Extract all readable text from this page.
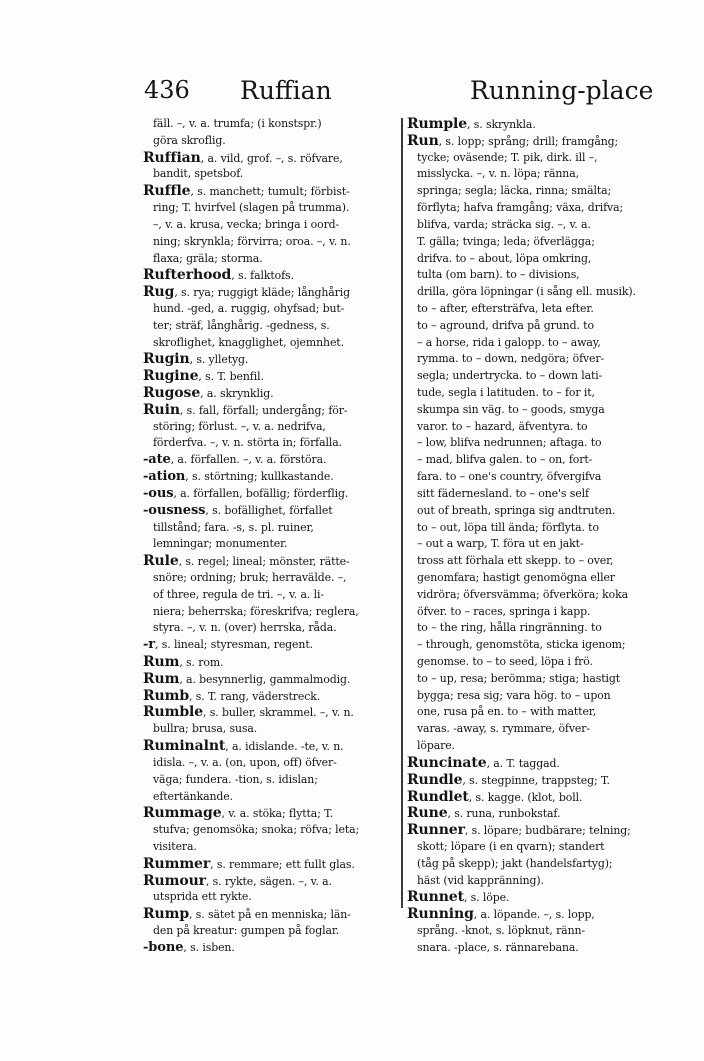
436 Ruffian	Running-place
fäll. –, v. a. trumfa; (i konstspr.)
göra skroflig.
Ruffian, a. vild, grof. –, s. röfvare,
bandit, spetsbof.
Ruffle, s. manchett; tumult; förbist-
ring; T. hvirfvel (slagen på trumma).
–, v. a. krusa, vecka; bringa i oord-
ning; skrynkla; förvirra; oroa. –, v. n.
flaxa; gräla; storma.
Rufterhood, s. falktofs.
Rug, s. rya; ruggigt kläde; långhårig
hund. -ged, a. ruggig, ohyfsad; but-
ter; sträf, långhårig. -gedness, s.
skroflighet, knagglighet, ojemnhet.
Rugin, s. ylletyg.
Rugine, s. T. benfil.
Rugose, a. skrynklig.
Ruin, s. fall, förfall; undergång; för-
störing; förlust. –, v. a. nedrifva,
förderfva. –, v. n. störta in; förfalla.
-ate, a. förfallen. –, v. a. förstöra.
-ation, s. störtning; kullkastande.
-ous, a. förfallen, bofällig; förderflig.
-ousness, s. bofällighet, förfallet
tillstånd; fara. -s, s. pl. ruiner,
lemningar; monumenter.
Rule, s. regel; lineal; mönster, rätte-
snöre; ordning; bruk; herravälde. –,
of three, regula de tri. –, v. a. li-
niera; beherrska; föreskrifva; reglera,
styra. –, v. n. (over) herrska, råda.
-r, s. lineal; styresman, regent.
Rum, s. rom.
Rum, a. besynnerlig, gammalmodig.
Rumb, s. T. rang, väderstreck.
Rumble, s. buller, skrammel. –, v. n.
bullra; brusa, susa.
Ruminalnt, a. idislande. -te, v. n.
idisla. –, v. a. (on, upon, off) öfver-
väga; fundera. -tion, s. idislan;
eftertänkande.
Rummage, v. a. stöka; flytta; T.
stufva; genomsöka; snoka; röfva; leta;
visitera.
Rummer, s. remmare; ett fullt glas.
Rumour, s. rykte, sägen. –, v. a.
utsprida ett rykte.
Rump, s. sätet på en menniska; län-
den på kreatur: gumpen på foglar.
-bone, s. isben.
Rumple, s. skrynkla.
Run, s. lopp; språng; drill; framgång;
tycke; oväsende; T. pik, dirk. ill –,
misslycka. –, v. n. löpa; ränna,
springa; segla; läcka, rinna; smälta;
förflyta; hafva framgång; växa, drifva;
blifva, varda; sträcka sig. –, v. a.
T. gälla; tvinga; leda; öfverlägga;
drifva. to – about, löpa omkring,
tulta (om barn). to – divisions,
drilla, göra löpningar (i sång ell. musik).
to – after, eftersträfva, leta efter.
to – aground, drifva på grund. to
– a horse, rida i galopp. to – away,
rymma. to – down, nedgöra; öfver-
segla; undertrycka. to – down lati-
tude, segla i latituden. to – for it,
skumpa sin väg. to – goods, smyga
varor. to – hazard, äfventyra. to
– low, blifva nedrunnen; aftaga. to
– mad, blifva galen. to – on, fort-
fara. to – one's country, öfvergifva
sitt fädernesland. to – one's self
out of breath, springa sig andtruten.
to – out, löpa till ända; förflyta. to
– out a warp, T. föra ut en jakt-
tross att förhala ett skepp. to – over,
genomfara; hastigt genomögna eller
vidröra; öfversvämma; öfverköra; koka
öfver. to – races, springa i kapp.
to – the ring, hålla ringränning. to
– through, genomstöta, sticka igenom;
genomse. to – to seed, löpa i frö.
to – up, resa; berömma; stiga; hastigt
bygga; resa sig; vara hög. to – upon
one, rusa på en. to – with matter,
varas. -away, s. rymmare, öfver-
löpare.
Runcinate, a. T. taggad.
Rundle, s. stegpinne, trappsteg; T.
Rundlet, s. kagge. (klot, boll.
Rune, s. runa, runbokstaf.
Runner, s. löpare; budbärare; telning;
skott; löpare (i en qvarn); standert
(tåg på skepp); jakt (handelsfartyg);
häst (vid kappränning).
Runnet, s. löpe.
Running, a. löpande. –, s. lopp,
språng. -knot, s. löpknut, ränn-
snara. -place, s. rännarebana.
